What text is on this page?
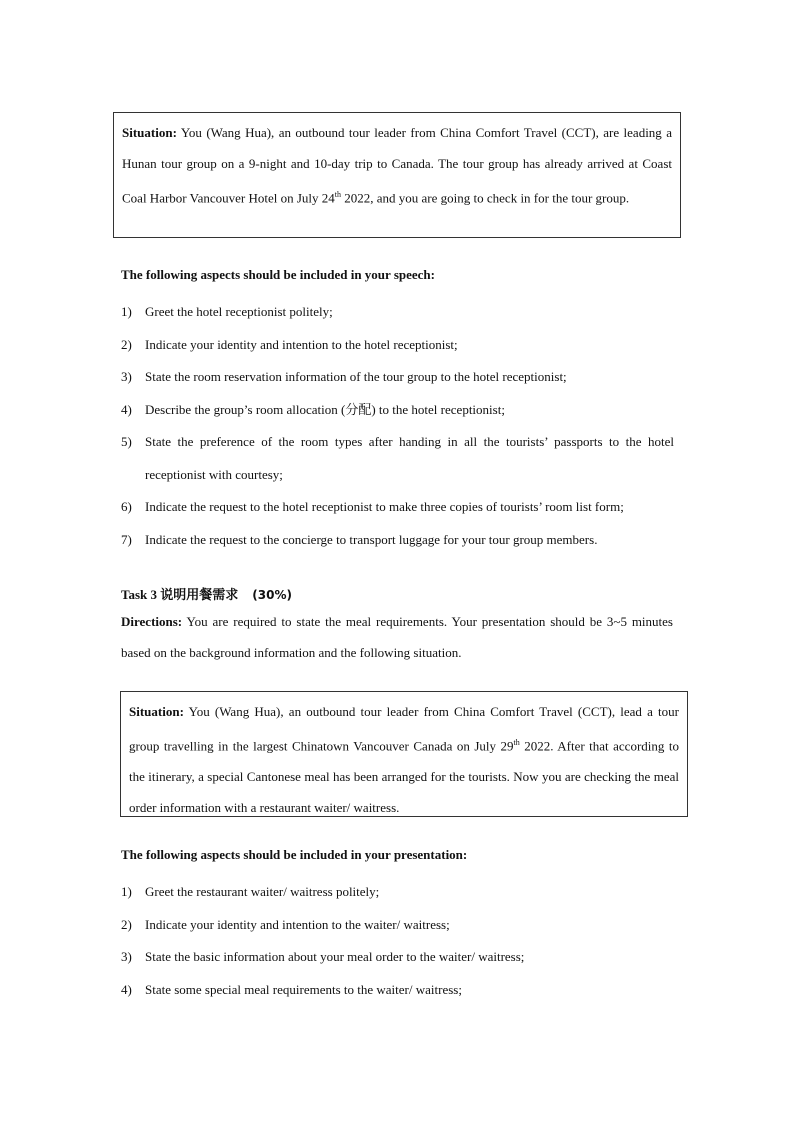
Situation: You (Wang Hua), an outbound tour leader from China Comfort Travel (CCT), are leading a Hunan tour group on a 9-night and 10-day trip to Canada. The tour group has already arrived at Coast Coal Harbor Vancouver Hotel on July 24th 2022, and you are going to check in for the tour group.

The following aspects should be included in your speech:

1) Greet the hotel receptionist politely;
2) Indicate your identity and intention to the hotel receptionist;
3) State the room reservation information of the tour group to the hotel receptionist;
4) Describe the group’s room allocation (分配) to the hotel receptionist;
5) State the preference of the room types after handing in all the tourists’ passports to the hotel receptionist with courtesy;
6) Indicate the request to the hotel receptionist to make three copies of tourists’ room list form;
7) Indicate the request to the concierge to transport luggage for your tour group members.

Task 3 说明用餐需求 (30%)

Directions: You are required to state the meal requirements. Your presentation should be 3~5 minutes based on the background information and the following situation.

Situation: You (Wang Hua), an outbound tour leader from China Comfort Travel (CCT), lead a tour group travelling in the largest Chinatown Vancouver Canada on July 29th 2022. After that according to the itinerary, a special Cantonese meal has been arranged for the tourists. Now you are checking the meal order information with a restaurant waiter/ waitress.

The following aspects should be included in your presentation:

1) Greet the restaurant waiter/ waitress politely;
2) Indicate your identity and intention to the waiter/ waitress;
3) State the basic information about your meal order to the waiter/ waitress;
4) State some special meal requirements to the waiter/ waitress;
